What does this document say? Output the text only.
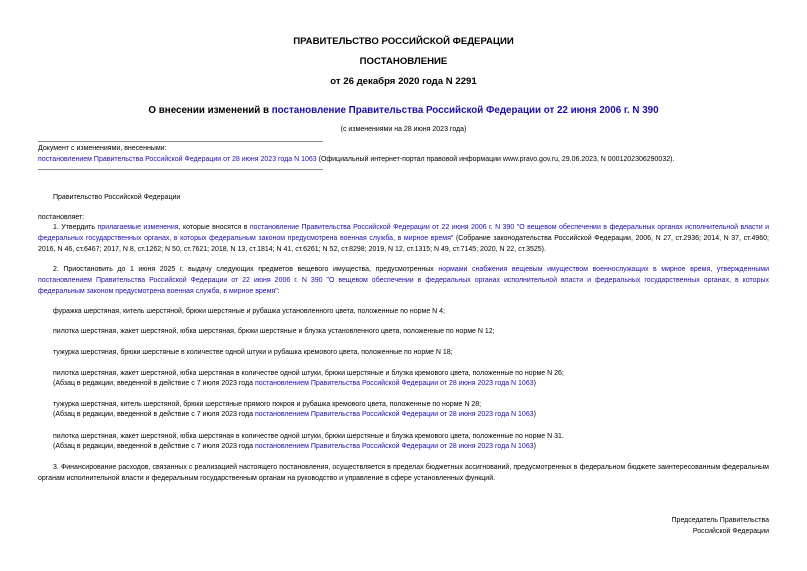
ПРАВИТЕЛЬСТВО РОССИЙСКОЙ ФЕДЕРАЦИИ
ПОСТАНОВЛЕНИЕ
от 26 декабря 2020 года N 2291
О внесении изменений в постановление Правительства Российской Федерации от 22 июня 2006 г. N 390
(с изменениями на 28 июня 2023 года)
Документ с изменениями, внесенными:
постановлением Правительства Российской Федерации от 28 июня 2023 года N 1063 (Официальный интернет-портал правовой информации www.pravo.gov.ru, 29.06.2023, N 0001202306290032).
Правительство Российской Федерации
постановляет:
1. Утвердить прилагаемые изменения, которые вносятся в постановление Правительства Российской Федерации от 22 июня 2006 г. N 390 "О вещевом обеспечении в федеральных органах исполнительной власти и федеральных государственных органах, в которых федеральным законом предусмотрена военная служба, в мирное время" (Собрание законодательства Российской Федерации, 2006, N 27, ст.2936; 2014, N 37, ст.4960; 2016, N 46, ст.6467; 2017, N 8, ст.1262; N 50, ст.7621; 2018, N 13, ст.1814; N 41, ст.6261; N 52, ст.8298; 2019, N 12, ст.1315; N 49, ст.7145; 2020, N 22, ст.3525).
2. Приостановить до 1 июня 2025 г. выдачу следующих предметов вещевого имущества, предусмотренных нормами снабжения вещевым имуществом военнослужащих в мирное время, утвержденными постановлением Правительства Российской Федерации от 22 июня 2006 г. N 390 "О вещевом обеспечении в федеральных органах исполнительной власти и федеральных государственных органах, в которых федеральным законом предусмотрена военная служба, в мирное время":
фуражка шерстяная, китель шерстяной, брюки шерстяные и рубашка установленного цвета, положенные по норме N 4;
пилотка шерстяная, жакет шерстяной, юбка шерстяная, брюки шерстяные и блузка установленного цвета, положенные по норме N 12;
тужурка шерстяная, брюки шерстяные в количестве одной штуки и рубашка кремового цвета, положенные по норме N 18;
пилотка шерстяная, жакет шерстяной, юбка шерстяная в количестве одной штуки, брюки шерстяные и блузка кремового цвета, положенные по норме N 26;
(Абзац в редакции, введенной в действие с 7 июля 2023 года постановлением Правительства Российской Федерации от 28 июня 2023 года N 1063)
тужурка шерстяная, китель шерстяной, брюки шерстяные прямого покроя и рубашка кремового цвета, положенные по норме N 28;
(Абзац в редакции, введенной в действие с 7 июля 2023 года постановлением Правительства Российской Федерации от 28 июня 2023 года N 1063)
пилотка шерстяная, жакет шерстяной, юбка шерстяная в количестве одной штуки, брюки шерстяные и блузка кремового цвета, положенные по норме N 31.
(Абзац в редакции, введенной в действие с 7 июля 2023 года постановлением Правительства Российской Федерации от 28 июня 2023 года N 1063)
3. Финансирование расходов, связанных с реализацией настоящего постановления, осуществляется в пределах бюджетных ассигнований, предусмотренных в федеральном бюджете заинтересованным федеральным органам исполнительной власти и федеральным государственным органам на руководство и управление в сфере установленных функций.
Председатель Правительства
Российской Федерации
